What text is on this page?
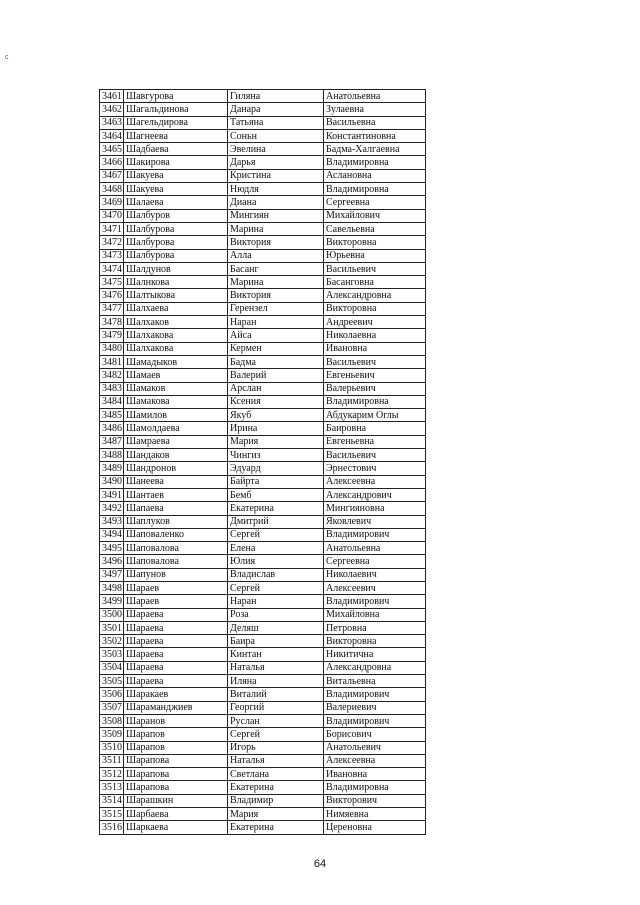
c
3461	Шавгурова	Гиляна	Анатольевна
3462	Шагальдинова	Данара	Зулаевна
3463	Шагельдирова	Татьяна	Васильевна
3464	Шагнеева	Соньн	Константиновна
3465	Шадбаева	Эвелина	Бадма-Халгаевна
3466	Шакирова	Дарья	Владимировна
3467	Шакуева	Кристина	Аслановна
3468	Шакуева	Нюдля	Владимировна
3469	Шалаева	Диана	Сергеевна
3470	Шалбуров	Мингиян	Михайлович
3471	Шалбурова	Марина	Савельевна
3472	Шалбурова	Виктория	Викторовна
3473	Шалбурова	Алла	Юрьевна
3474	Шалдунов	Басанг	Васильевич
3475	Шалнкова	Марина	Басанговна
3476	Шалтыкова	Виктория	Александровна
3477	Шалхаева	Герензел	Викторовна
3478	Шалхаков	Наран	Андреевич
3479	Шалхакова	Айса	Николаевна
3480	Шалхакова	Кермен	Ивановна
3481	Шамадыков	Бадма	Васильевич
3482	Шамаев	Валерий	Евгеньевич
3483	Шамаков	Арслан	Валерьевич
3484	Шамакова	Ксения	Владимировна
3485	Шамилов	Якуб	Абдукарим Оглы
3486	Шамолдаева	Ирина	Баировна
3487	Шамраева	Мария	Евгеньевна
3488	Шандаков	Чингиз	Васильевич
3489	Шандронов	Эдуард	Эрнестович
3490	Шанеева	Байрта	Алексеевна
3491	Шантаев	Бемб	Александрович
3492	Шапаева	Екатерина	Мингияновна
3493	Шаплуков	Дмитрий	Яковлевич
3494	Шаповаленко	Сергей	Владимирович
3495	Шаповалова	Елена	Анатольевна
3496	Шаповалова	Юлия	Сергеевна
3497	Шапунов	Владислав	Николаевич
3498	Шараев	Сергей	Алексеевич
3499	Шараев	Наран	Владимирович
3500	Шараева	Роза	Михайловна
3501	Шараева	Деляш	Петровна
3502	Шараева	Баира	Викторовна
3503	Шараева	Кинтан	Никитична
3504	Шараева	Наталья	Александровна
3505	Шараева	Иляна	Витальевна
3506	Шаракаев	Виталий	Владимирович
3507	Шараманджиев	Георгий	Валериевич
3508	Шаранов	Руслан	Владимирович
3509	Шарапов	Сергей	Борисович
3510	Шарапов	Игорь	Анатольевич
3511	Шарапова	Наталья	Алексеевна
3512	Шарапова	Светлана	Ивановна
3513	Шарапова	Екатерина	Владимировна
3514	Шарашкин	Владимир	Викторович
3515	Шарбаева	Мария	Нимяевна
3516	Шаркаева	Екатерина	Цереновна
64
